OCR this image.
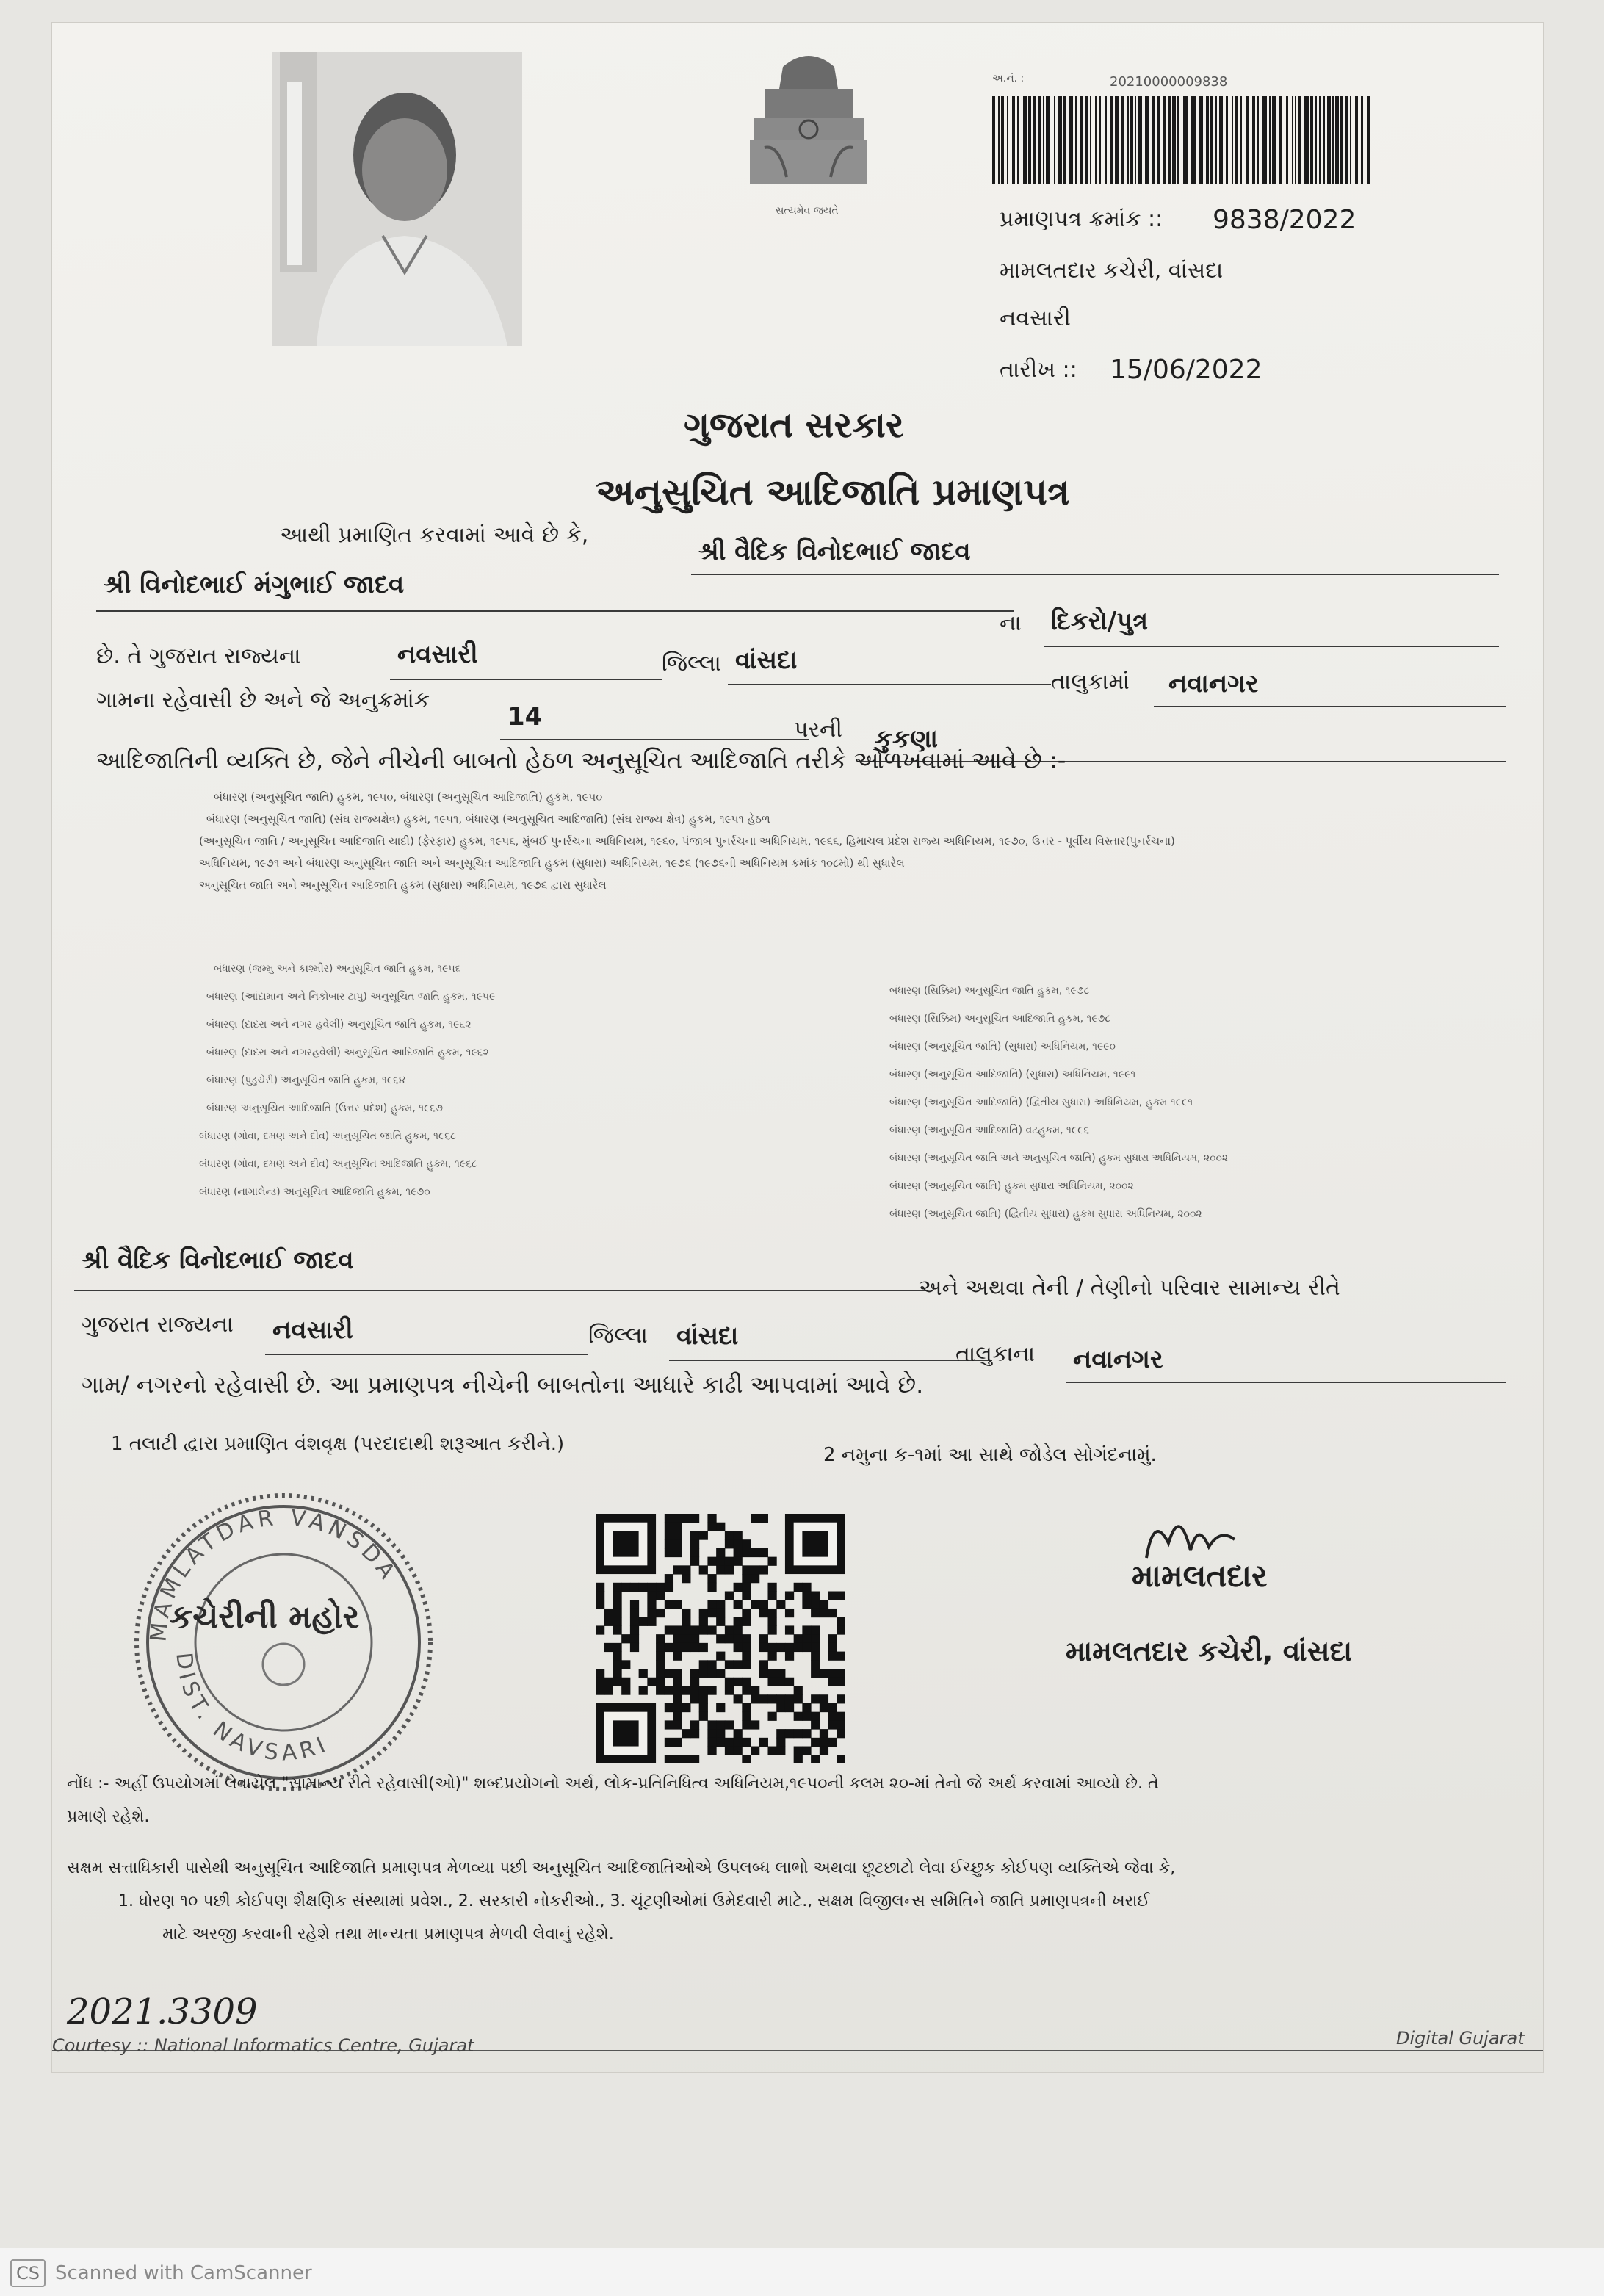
સત્યમેવ જયતે
અ.નં. :	20210000009838
પ્રમાણપત્ર ક્રમાંક :: 9838/2022
મામલતદાર કચેરી, વાંસદા
નવસારી
તારીખ :: 15/06/2022
ગુજરાત સરકાર
અનુસુચિત આદિજાતિ પ્રમાણપત્ર
આથી પ્રમાણિત કરવામાં આવે છે કે,
શ્રી વૈદિક વિનોદભાઈ જાદવ
શ્રી વિનોદભાઈ મંગુભાઈ જાદવ
ના દિકરો/પુત્ર
છે. તે ગુજરાત રાજ્યના	નવસારી	જિલ્લા વાંસદા
તાલુકામાં નવાનગર
ગામના રહેવાસી છે અને જે અનુક્રમાંક
14	પરની કુકણા
આદિજાતિની વ્યક્તિ છે, જેને નીચેની બાબતો હેઠળ અનુસૂચિત આદિજાતિ તરીકે ઓળખવામાં આવે છે :-
બંધારણ (અનુસૂચિત જાતિ) હુકમ, ૧૯૫૦, બંધારણ (અનુસૂચિત આદિજાતિ) હુકમ, ૧૯૫૦
બંધારણ (અનુસૂચિત જાતિ) (સંઘ રાજ્યક્ષેત્ર) હુકમ, ૧૯૫૧, બંધારણ (અનુસૂચિત આદિજાતિ) (સંઘ રાજ્ય ક્ષેત્ર) હુકમ, ૧૯૫૧ હેઠળ
(અનુસૂચિત જાતિ / અનુસૂચિત આદિજાતિ યાદી) (ફેરફાર) હુકમ, ૧૯૫૬, મુંબઈ પુનર્રચના અધિનિયમ, ૧૯૬૦, પંજાબ પુનર્રચના અધિનિયમ, ૧૯૬૬, હિમાચલ પ્રદેશ રાજ્ય અધિનિયમ, ૧૯૭૦, ઉત્તર - પૂર્વીય વિસ્તાર(પુનર્રચના)
અધિનિયમ, ૧૯૭૧ અને બંધારણ અનુસૂચિત જાતિ અને અનુસૂચિત આદિજાતિ હુકમ (સુધારા) અધિનિયમ, ૧૯૭૬ (૧૯૭૬ની અધિનિયમ ક્રમાંક ૧૦૮મો) થી સુધારેલ
અનુસૂચિત જાતિ અને અનુસૂચિત આદિજાતિ હુકમ (સુધારા) અધિનિયમ, ૧૯૭૬ દ્વારા સુધારેલ
બંધારણ (જમ્મુ અને કાશ્મીર) અનુસૂચિત જાતિ હુકમ, ૧૯૫૬
બંધારણ (આંદામાન અને નિકોબાર ટાપુ) અનુસૂચિત જાતિ હુકમ, ૧૯૫૯
બંધારણ (દાદરા અને નગર હવેલી) અનુસૂચિત જાતિ હુકમ, ૧૯૬૨
બંધારણ (દાદરા અને નગરહવેલી) અનુસૂચિત આદિજાતિ હુકમ, ૧૯૬૨
બંધારણ (પુડુચેરી) અનુસૂચિત જાતિ હુકમ, ૧૯૬૪
બંધારણ અનુસૂચિત આદિજાતિ (ઉત્તર પ્રદેશ) હુકમ, ૧૯૬૭
બંધારણ (ગોવા, દમણ અને દીવ) અનુસૂચિત જાતિ હુકમ, ૧૯૬૮
બંધારણ (ગોવા, દમણ અને દીવ) અનુસૂચિત આદિજાતિ હુકમ, ૧૯૬૮
બંધારણ (નાગાલેન્ડ) અનુસૂચિત આદિજાતિ હુકમ, ૧૯૭૦
બંધારણ (સિક્કિમ) અનુસૂચિત જાતિ હુકમ, ૧૯૭૮
બંધારણ (સિક્કિમ) અનુસૂચિત આદિજાતિ હુકમ, ૧૯૭૮
બંધારણ (અનુસૂચિત જાતિ) (સુધારા) અધિનિયમ, ૧૯૯૦
બંધારણ (અનુસૂચિત આદિજાતિ) (સુધારા) અધિનિયમ, ૧૯૯૧
બંધારણ (અનુસૂચિત આદિજાતિ) (દ્વિતીય સુધારા) અધિનિયમ, હુકમ ૧૯૯૧
બંધારણ (અનુસૂચિત આદિજાતિ) વટહુકમ, ૧૯૯૬
બંધારણ (અનુસૂચિત જાતિ અને અનુસૂચિત જાતિ) હુકમ સુધારા અધિનિયમ, ૨૦૦૨
બંધારણ (અનુસૂચિત જાતિ) હુકમ સુધારા અધિનિયમ, ૨૦૦૨
બંધારણ (અનુસૂચિત જાતિ) (દ્વિતીય સુધારા) હુકમ સુધારા અધિનિયમ, ૨૦૦૨
શ્રી વૈદિક વિનોદભાઈ જાદવ
અને અથવા તેની / તેણીનો પરિવાર સામાન્ય રીતે
ગુજરાત રાજ્યના નવસારી	જિલ્લા વાંસદા
તાલુકાના નવાનગર
ગામ/ નગરનો રહેવાસી છે. આ પ્રમાણપત્ર નીચેની બાબતોના આધારે કાઢી આપવામાં આવે છે.
1 તલાટી દ્વારા પ્રમાણિત વંશવૃક્ષ (પરદાદાથી શરૂઆત કરીને.)	2 નમુના ક-૧માં આ સાથે જોડેલ સોગંદનામું.
MAMLATDAR VANSDA
DIST. NAVSARI
કચેરીની મહોર
મામલતદાર
મામલતદાર કચેરી, વાંસદા
નોંધ :- અહીં ઉપયોગમાં લેવાયેલ "સામાન્ય રીતે રહેવાસી(ઓ)" શબ્દપ્રયોગનો અર્થ, લોક-પ્રતિનિધિત્વ અધિનિયમ,૧૯૫૦ની કલમ ૨૦-માં તેનો જે અર્થ કરવામાં આવ્યો છે. તે
પ્રમાણે રહેશે.
સક્ષમ સત્તાધિકારી પાસેથી અનુસૂચિત આદિજાતિ પ્રમાણપત્ર મેળવ્યા પછી અનુસૂચિત આદિજાતિઓએ ઉપલબ્ધ લાભો અથવા છૂટછાટો લેવા ઈચ્છુક કોઈપણ વ્યક્તિએ જેવા કે,
1. ધોરણ ૧૦ પછી કોઈપણ શૈક્ષણિક સંસ્થામાં પ્રવેશ., 2. સરકારી નોકરીઓ., 3. ચૂંટણીઓમાં ઉમેદવારી માટે., સક્ષમ વિજીલન્સ સમિતિને જાતિ પ્રમાણપત્રની ખરાઈ
માટે અરજી કરવાની રહેશે તથા માન્યતા પ્રમાણપત્ર મેળવી લેવાનું રહેશે.
2021.3309
Courtesy :: National Informatics Centre, Gujarat	Digital Gujarat
CS Scanned with CamScanner
